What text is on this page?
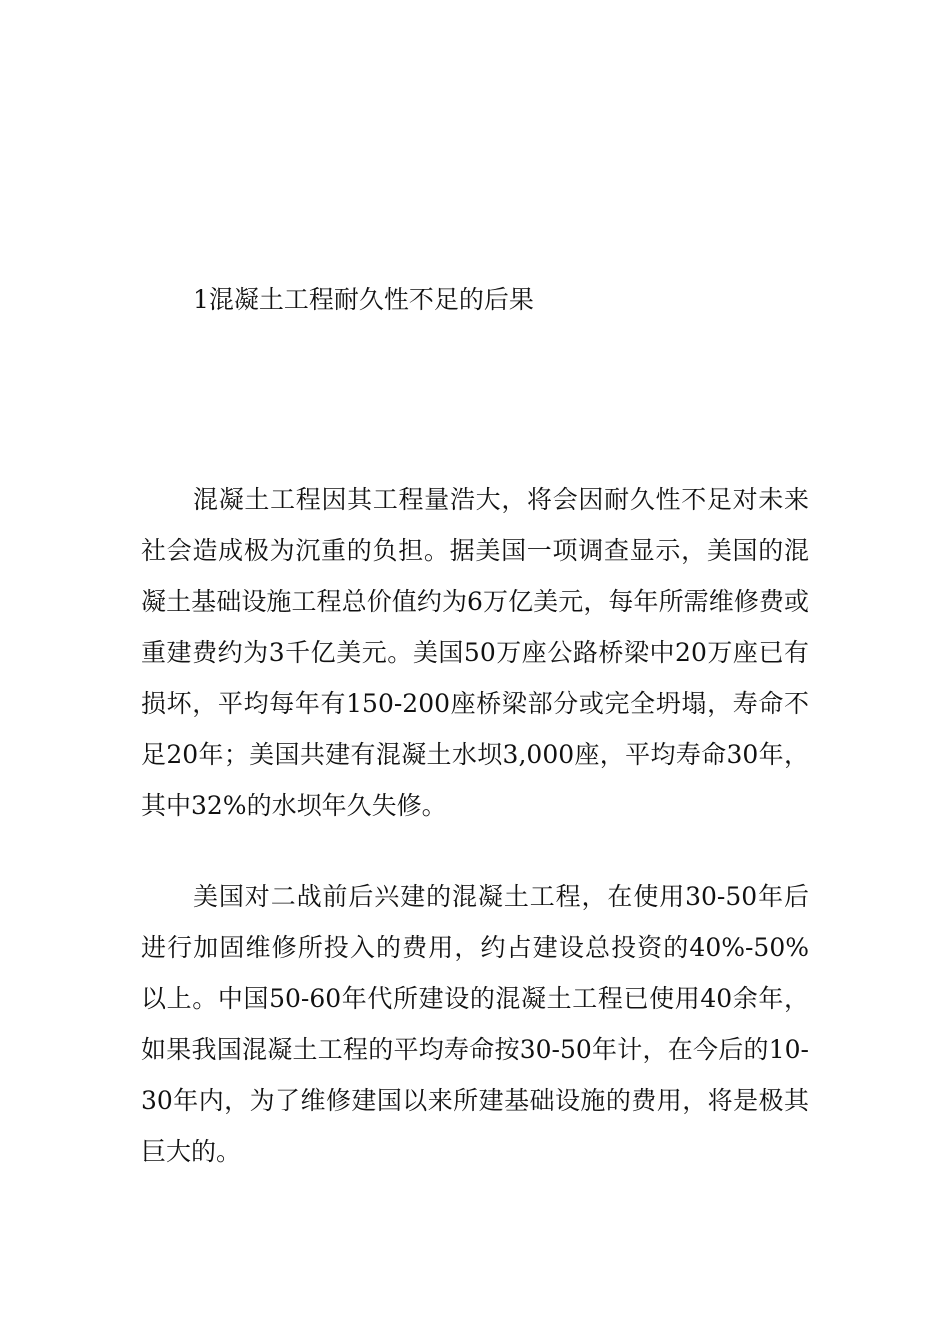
1混凝土工程耐久性不足的后果

混凝土工程因其工程量浩大，将会因耐久性不足对未来社会造成极为沉重的负担。据美国一项调查显示，美国的混凝土基础设施工程总价值约为6万亿美元，每年所需维修费或重建费约为3千亿美元。美国50万座公路桥梁中20万座已有损坏，平均每年有150-200座桥梁部分或完全坍塌，寿命不足20年；美国共建有混凝土水坝3,000座，平均寿命30年，其中32%的水坝年久失修。

美国对二战前后兴建的混凝土工程，在使用30-50年后进行加固维修所投入的费用，约占建设总投资的40%-50%以上。中国50-60年代所建设的混凝土工程已使用40余年，如果我国混凝土工程的平均寿命按30-50年计，在今后的10-30年内，为了维修建国以来所建基础设施的费用，将是极其巨大的。
